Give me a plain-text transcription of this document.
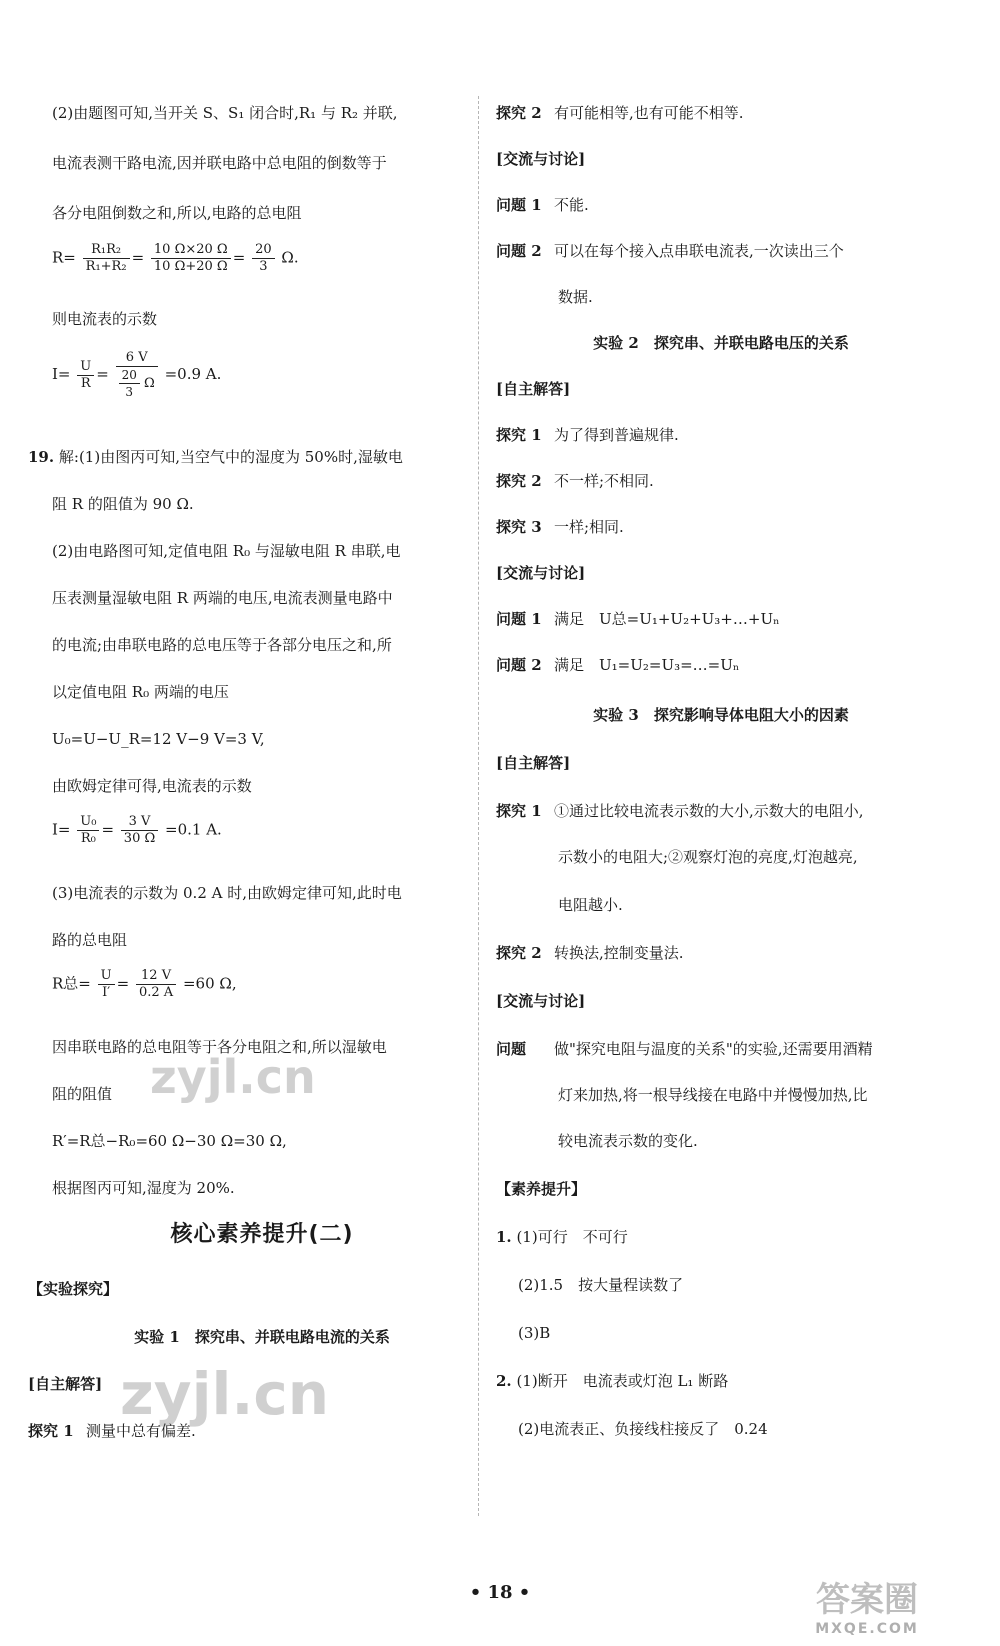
(2)由题图可知,当开关 S、S₁ 闭合时,R₁ 与 R₂ 并联,
电流表测干路电流,因并联电路中总电阻的倒数等于
各分电阻倒数之和,所以,电路的总电阻
$R= \frac{\text{R₁R₂}}{\text{R₁+R₂}} = \frac{10 \Omega\times 20 \Omega}{10 \Omega+20 \Omega} = \frac{20}{3} \Omega$.
则电流表的示数
$I= \frac{U}{R} = \frac{6 V}{\frac{20}{3} \Omega} =0.9$ A.
19. 解:(1)由图丙可知,当空气中的湿度为 50%时,湿敏电
阻 R 的阻值为 90 Ω.
(2)由电路图可知,定值电阻 R₀ 与湿敏电阻 R 串联,电
压表测量湿敏电阻 R 两端的电压,电流表测量电路中
的电流;由串联电路的总电压等于各部分电压之和,所
以定值电阻 R₀ 两端的电压
U₀=U−U_R=12 V−9 V=3 V,
由欧姆定律可得,电流表的示数
$I= \frac{\text{U₀}}{\text{R₀}} = \frac{3 V}{30 \Omega} =0.1$ A.
(3)电流表的示数为 0.2 A 时,由欧姆定律可知,此时电
路的总电阻
R总= $\frac{U}{I'} = \frac{12 V}{0.2 A} =60$ Ω,
因串联电路的总电阻等于各分电阻之和,所以湿敏电
阻的阻值
R′=R总−R₀=60 Ω−30 Ω=30 Ω,
根据图丙可知,湿度为 20%.
核心素养提升(二)
【实验探究】
实验 1　探究串、并联电路电流的关系
[自主解答]
探究 1 测量中总有偏差.
探究 2 有可能相等,也有可能不相等.
[交流与讨论]
问题 1 不能.
问题 2 可以在每个接入点串联电流表,一次读出三个
数据.
实验 2　探究串、并联电路电压的关系
[自主解答]
探究 1 为了得到普遍规律.
探究 2 不一样;不相同.
探究 3 一样;相同.
[交流与讨论]
问题 1 满足　U总=U₁+U₂+U₃+…+Uₙ
问题 2 满足　U₁=U₂=U₃=…=Uₙ
实验 3　探究影响导体电阻大小的因素
[自主解答]
探究 1 ①通过比较电流表示数的大小,示数大的电阻小,
示数小的电阻大;②观察灯泡的亮度,灯泡越亮,
电阻越小.
探究 2 转换法,控制变量法.
[交流与讨论]
问题 做"探究电阻与温度的关系"的实验,还需要用酒精
灯来加热,将一根导线接在电路中并慢慢加热,比
较电流表示数的变化.
【素养提升】
1. (1)可行　不可行
(2)1.5　按大量程读数了
(3)B
2. (1)断开　电流表或灯泡 L₁ 断路
(2)电流表正、负接线柱接反了　0.24
zyjl.cn
zyjl.cn
• 18 •	答案圈
MXQE.COM
